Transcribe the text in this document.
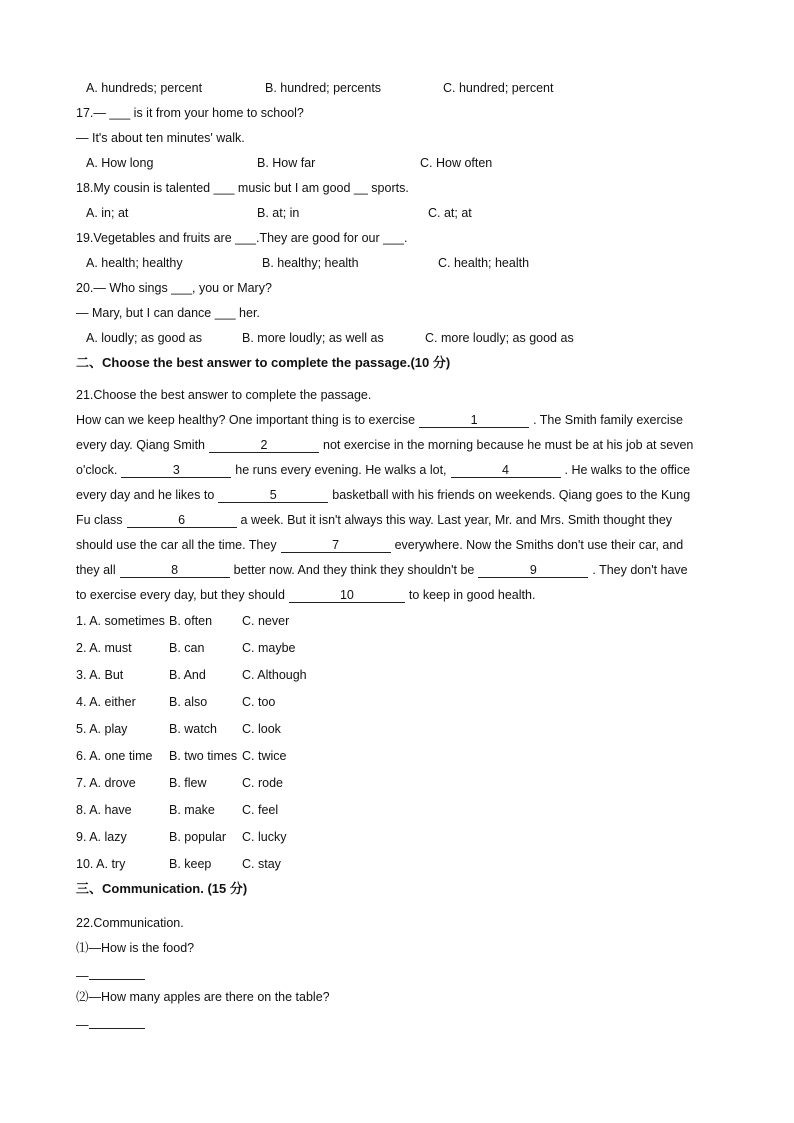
A. hundreds; percent	B. hundred; percents	C. hundred; percent
17.— ___ is it from your home to school?
— It's about ten minutes' walk.
A. How long	B. How far	C. How often
18.My cousin is talented ___ music but I am good __ sports.
A. in; at	B. at; in	C. at; at
19.Vegetables and fruits are ___.They are good for our ___.
A. health; healthy	B. healthy; health	C. health; health
20.— Who sings ___, you or Mary?
— Mary, but I can dance ___ her.
A. loudly; as good as	B. more loudly; as well as	C. more loudly; as good as
二、Choose the best answer to complete the passage.(10 分)
21.Choose the best answer to complete the passage.
How can we keep healthy? One important thing is to exercise	1	. The Smith family exercise
every day. Qiang Smith	2	not exercise in the morning because he must be at his job at seven
o'clock.	3	he runs every evening. He walks a lot,	4	. He walks to the office
every day and he likes to	5	basketball with his friends on weekends. Qiang goes to the Kung
Fu class	6	a week. But it isn't always this way. Last year, Mr. and Mrs. Smith thought they
should use the car all the time. They	7	everywhere. Now the Smiths don't use their car, and
they all	8	better now. And they think they shouldn't be	9	. They don't have
to exercise every day, but they should	10	to keep in good health.
1. A. sometimes B. often C. never
2. A. must	B. can	C. maybe
3. A. But	B. And	C. Although
4. A. either	B. also	C. too
5. A. play	B. watch C. look
6. A. one time B. two times C. twice
7. A. drove	B. flew	C. rode
8. A. have	B. make C. feel
9. A. lazy	B. popular C. lucky
10. A. try	B. keep C. stay
三、Communication. (15 分)
22.Communication.
⑴—How is the food?
—
⑵—How many apples are there on the table?
—
